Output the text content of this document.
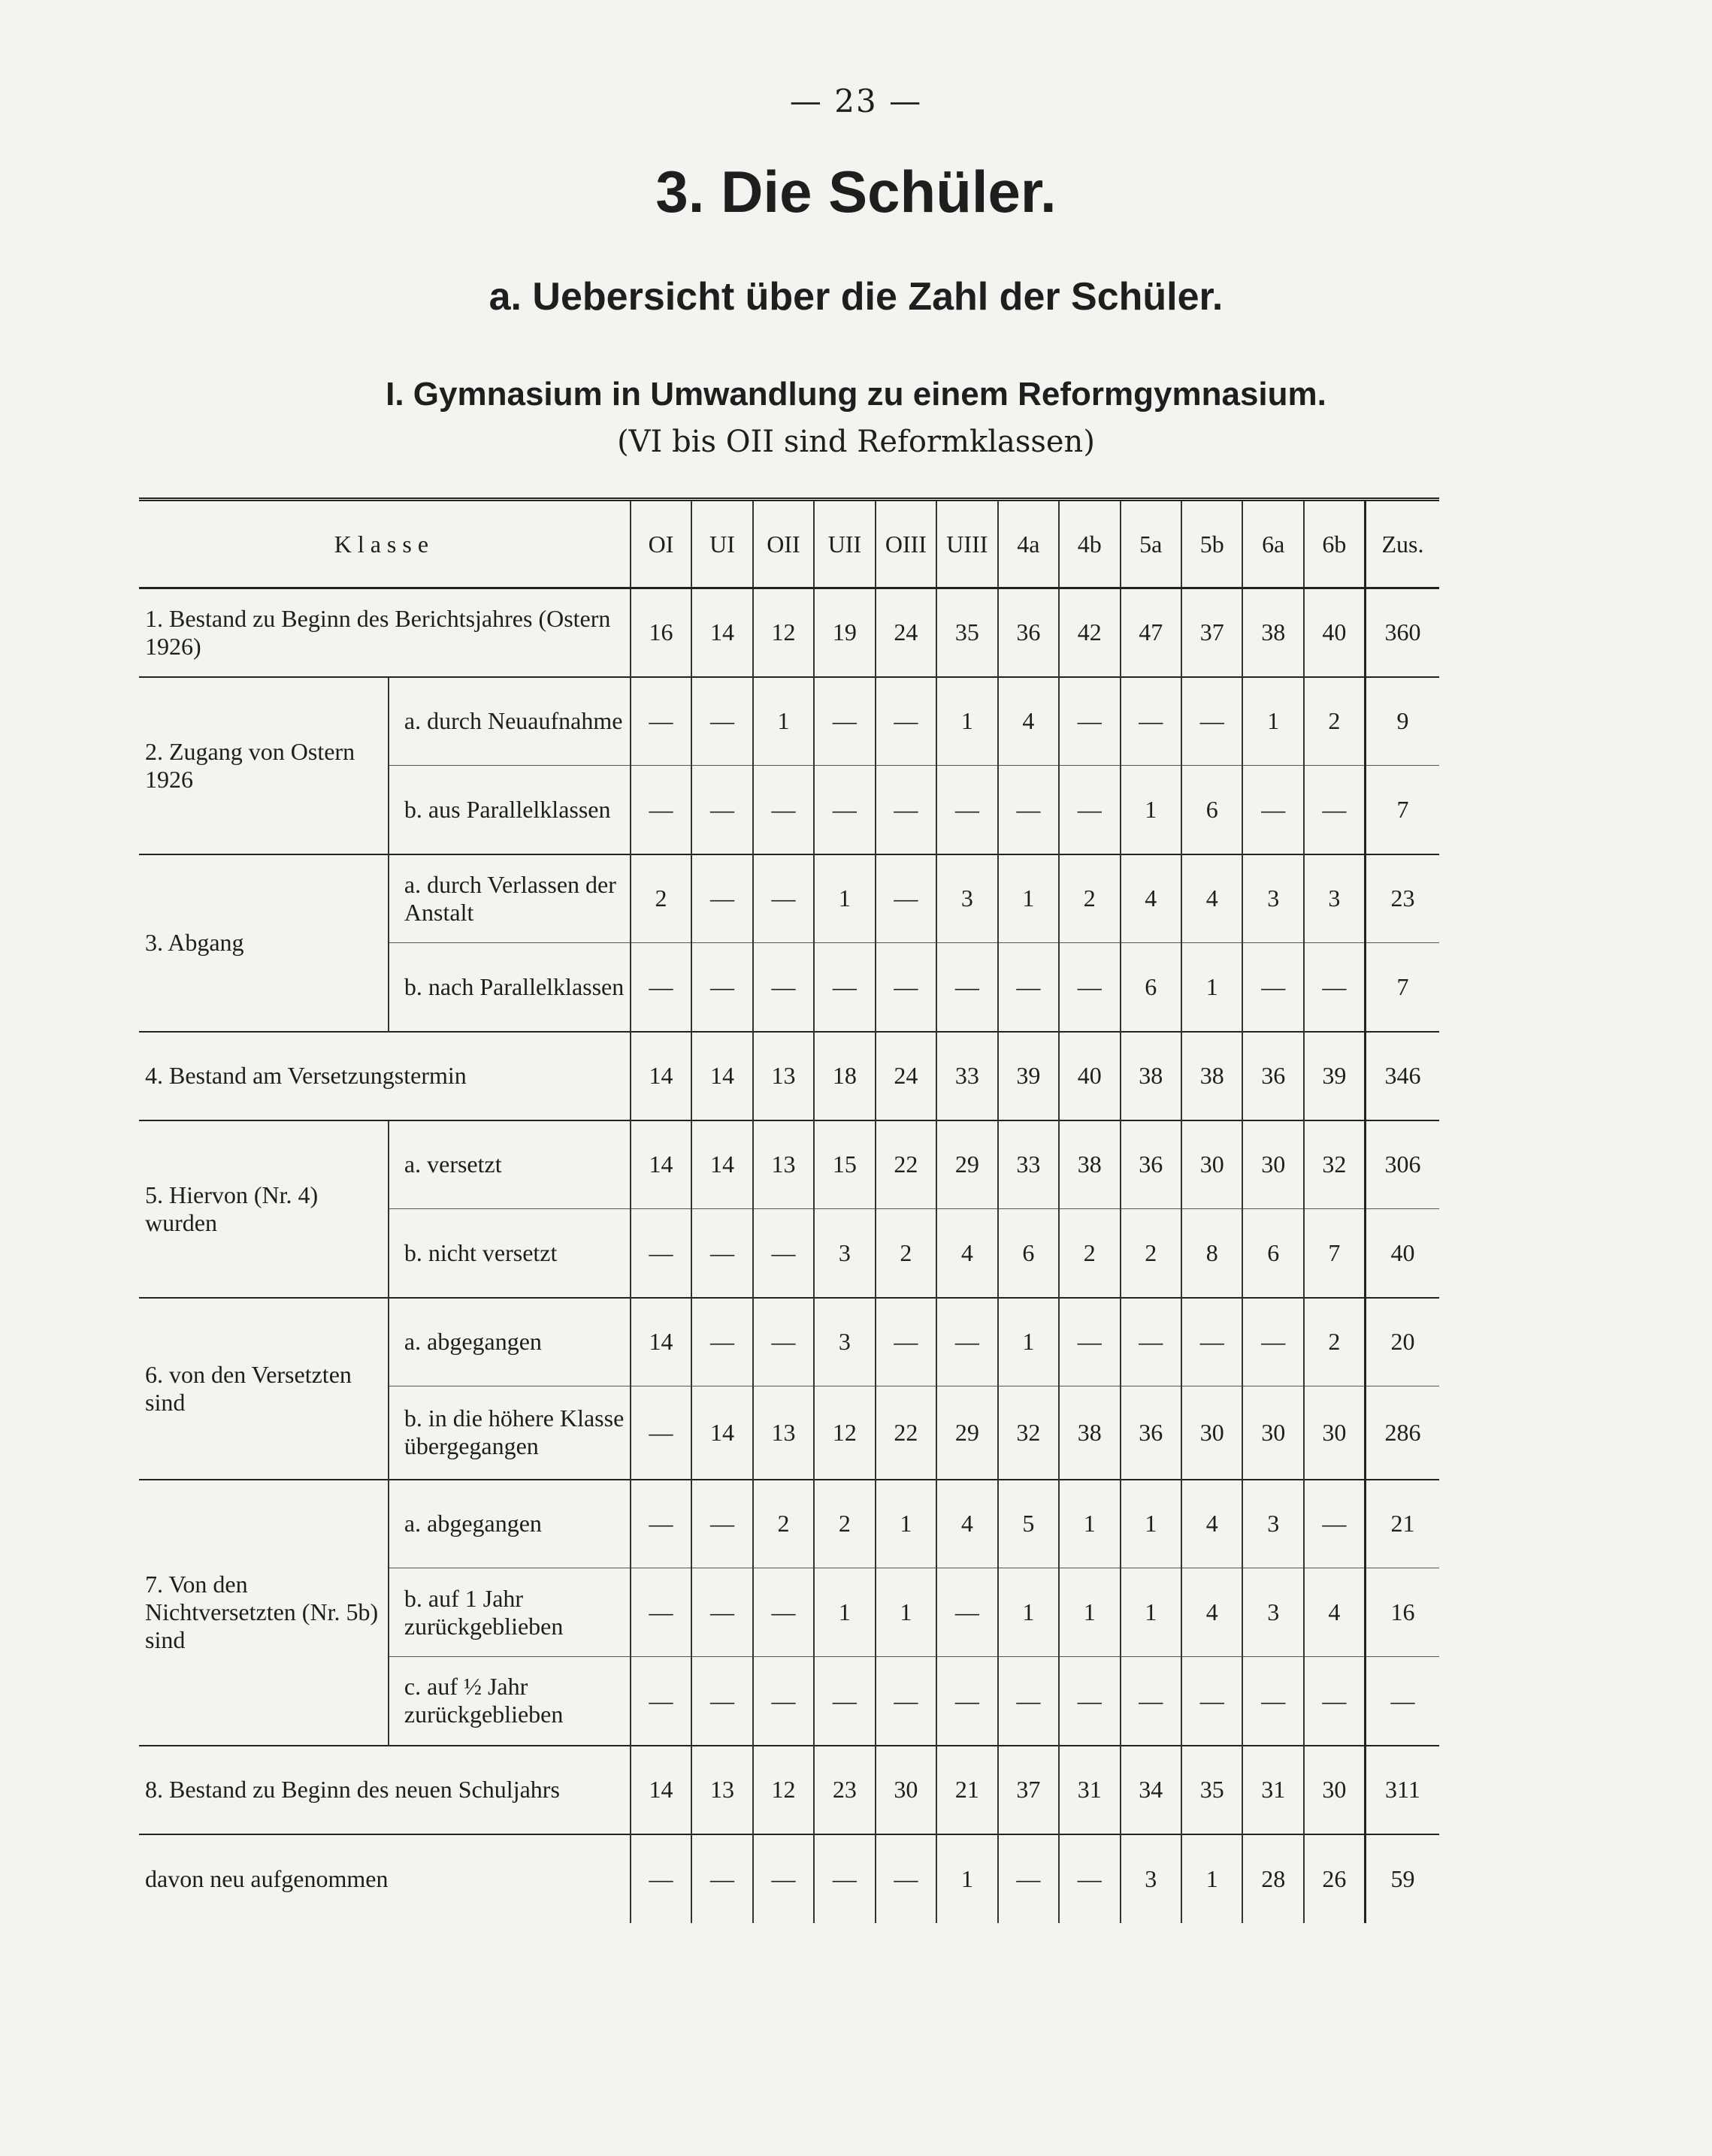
— 23 —
3. Die Schüler.
a. Uebersicht über die Zahl der Schüler.
I. Gymnasium in Umwandlung zu einem Reformgymnasium.
(VI bis OII sind Reformklassen)
Klasse		OI	UI	OII	UII	OIII	UIII	4a	4b	5a	5b	6a	6b	Zus.
1. Bestand zu Beginn des Berichtsjahres (Ostern 1926)		16	14	12	19	24	35	36	42	47	37	38	40	360
2. Zugang von Ostern 1926	a. durch Neuaufnahme	—	—	1	—	—	1	4	—	—	—	1	2	9
	b. aus Parallelklassen	—	—	—	—	—	—	—	—	1	6	—	—	7
3. Abgang	a. durch Verlassen der Anstalt	2	—	—	1	—	3	1	2	4	4	3	3	23
	b. nach Parallelklassen	—	—	—	—	—	—	—	—	6	1	—	—	7
4. Bestand am Versetzungstermin		14	14	13	18	24	33	39	40	38	38	36	39	346
5. Hiervon (Nr. 4) wurden	a. versetzt	14	14	13	15	22	29	33	38	36	30	30	32	306
	b. nicht versetzt	—	—	—	3	2	4	6	2	2	8	6	7	40
6. von den Versetzten sind	a. abgegangen	14	—	—	3	—	—	1	—	—	—	—	2	20
	b. in die höhere Klasse übergegangen	—	14	13	12	22	29	32	38	36	30	30	30	286
7. Von den Nichtversetzten (Nr. 5b) sind	a. abgegangen	—	—	2	2	1	4	5	1	1	4	3	—	21
	b. auf 1 Jahr zurückgeblieben	—	—	—	1	1	—	1	1	1	4	3	4	16
	c. auf ½ Jahr zurückgeblieben	—	—	—	—	—	—	—	—	—	—	—	—	—
8. Bestand zu Beginn des neuen Schuljahrs		14	13	12	23	30	21	37	31	34	35	31	30	311
davon neu aufgenommen		—	—	—	—	—	1	—	—	3	1	28	26	59
